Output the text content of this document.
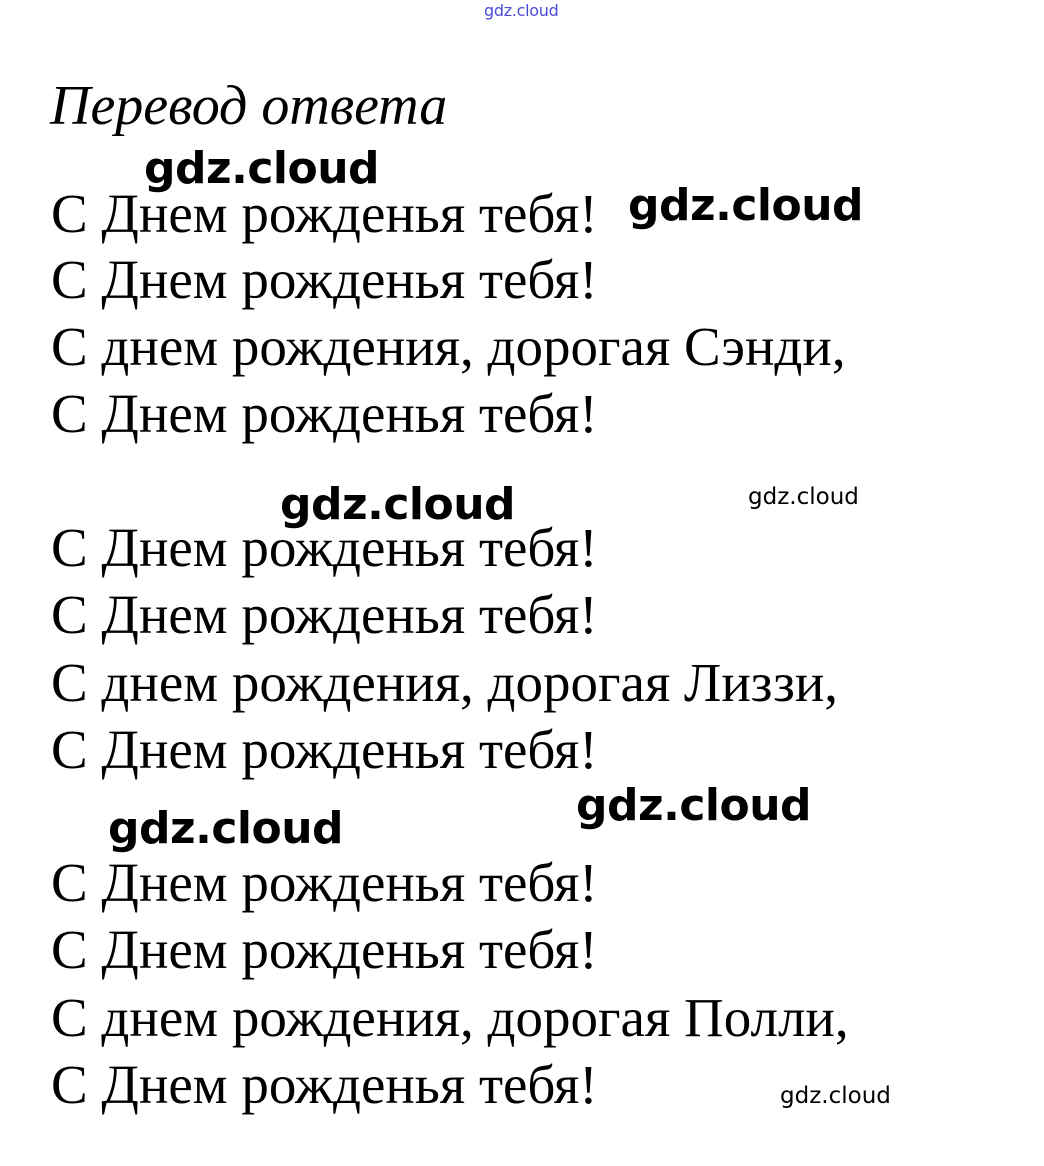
gdz.cloud
Перевод ответа
С Днем рожденья тебя!
С Днем рожденья тебя!
С днем рождения, дорогая Сэнди,
С Днем рожденья тебя!
С Днем рожденья тебя!
С Днем рожденья тебя!
С днем рождения, дорогая Лиззи,
С Днем рожденья тебя!
С Днем рожденья тебя!
С Днем рожденья тебя!
С днем рождения, дорогая Полли,
С Днем рожденья тебя!
gdz.cloud
gdz.cloud
gdz.cloud	gdz.cloud
gdz.cloud
gdz.cloud
gdz.cloud
